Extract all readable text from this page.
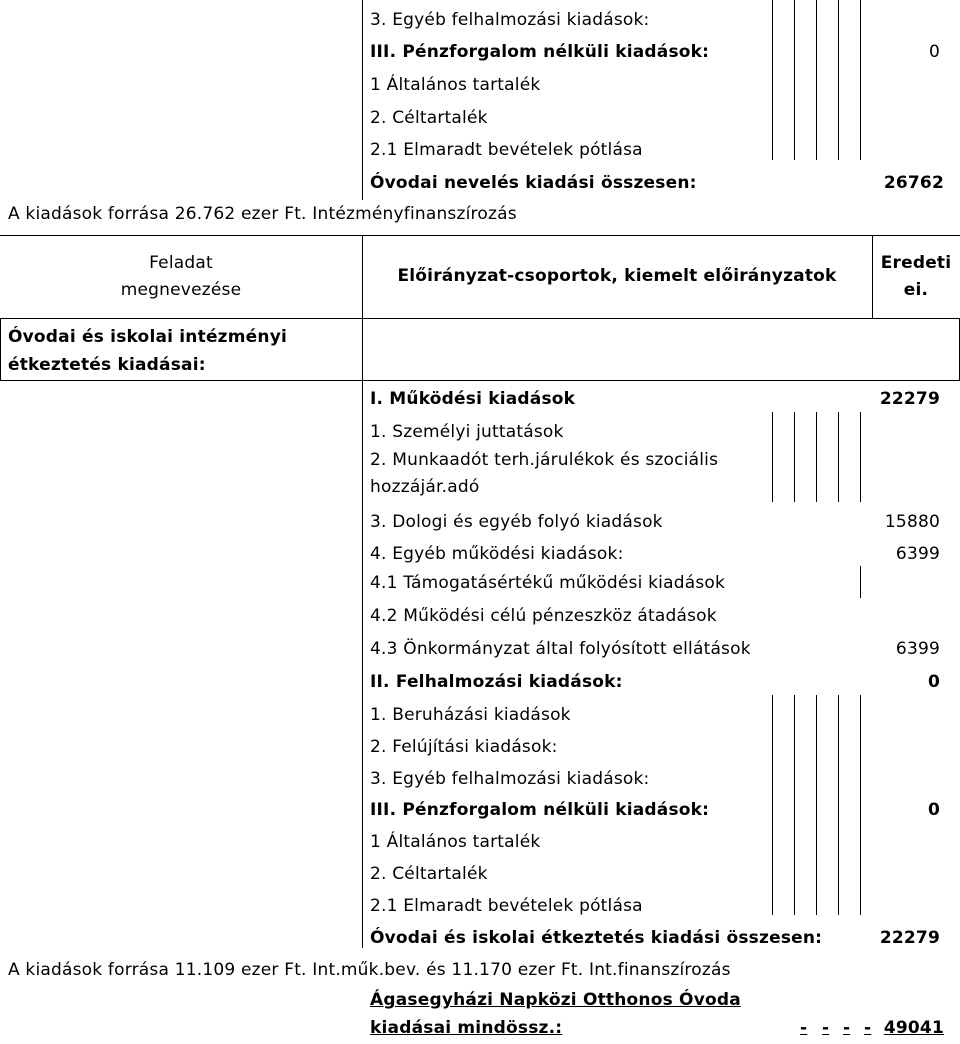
3. Egyéb felhalmozási kiadások:
III. Pénzforgalom nélküli kiadások:	0
1 Általános tartalék
2. Céltartalék
2.1 Elmaradt bevételek pótlása
Óvodai nevelés kiadási összesen:	26762
A kiadások forrása 26.762 ezer Ft. Intézményfinanszírozás
Feladat
megnevezése
Előirányzat-csoportok, kiemelt előirányzatok
Eredeti
ei.
Óvodai és iskolai intézményi
étkeztetés kiadásai:
I. Működési kiadások	22279
1. Személyi juttatások
2. Munkaadót terh.járulékok és szociális
hozzájár.adó
3. Dologi és egyéb folyó kiadások	15880
4. Egyéb működési kiadások:	6399
4.1 Támogatásértékű működési kiadások
4.2 Működési célú pénzeszköz átadások
4.3 Önkormányzat által folyósított ellátások	6399
II. Felhalmozási kiadások:	0
1. Beruházási kiadások
2. Felújítási kiadások:
3. Egyéb felhalmozási kiadások:
III. Pénzforgalom nélküli kiadások:	0
1 Általános tartalék
2. Céltartalék
2.1 Elmaradt bevételek pótlása
Óvodai és iskolai étkeztetés kiadási összesen:	22279
A kiadások forrása 11.109 ezer Ft. Int.műk.bev. és 11.170 ezer Ft. Int.finanszírozás
Ágasegyházi Napközi Otthonos Óvoda
kiadásai mindössz.:	- - - - 49041
